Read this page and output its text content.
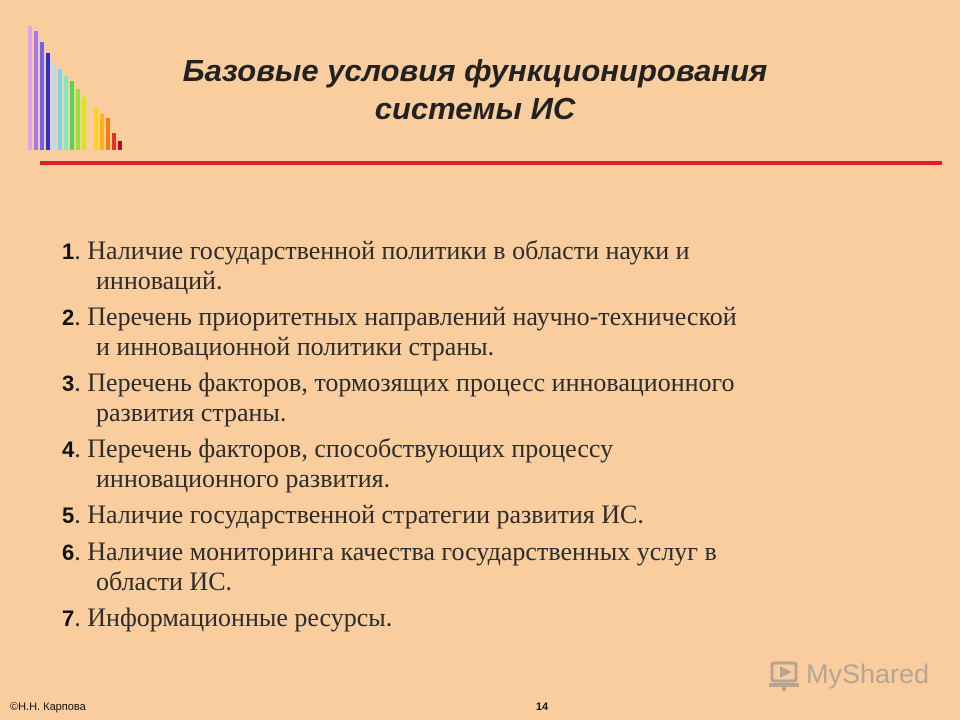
Базовые условия функционирования
системы ИС
1. Наличие государственной политики в области науки и
инноваций.
2. Перечень приоритетных направлений научно-технической
и инновационной политики страны.
3. Перечень факторов, тормозящих процесс инновационного
развития страны.
4. Перечень факторов, способствующих процессу
инновационного развития.
5. Наличие государственной стратегии развития ИС.
6. Наличие мониторинга качества государственных услуг в
области ИС.
7. Информационные ресурсы.
MyShared
©Н.Н. Карпова	14
